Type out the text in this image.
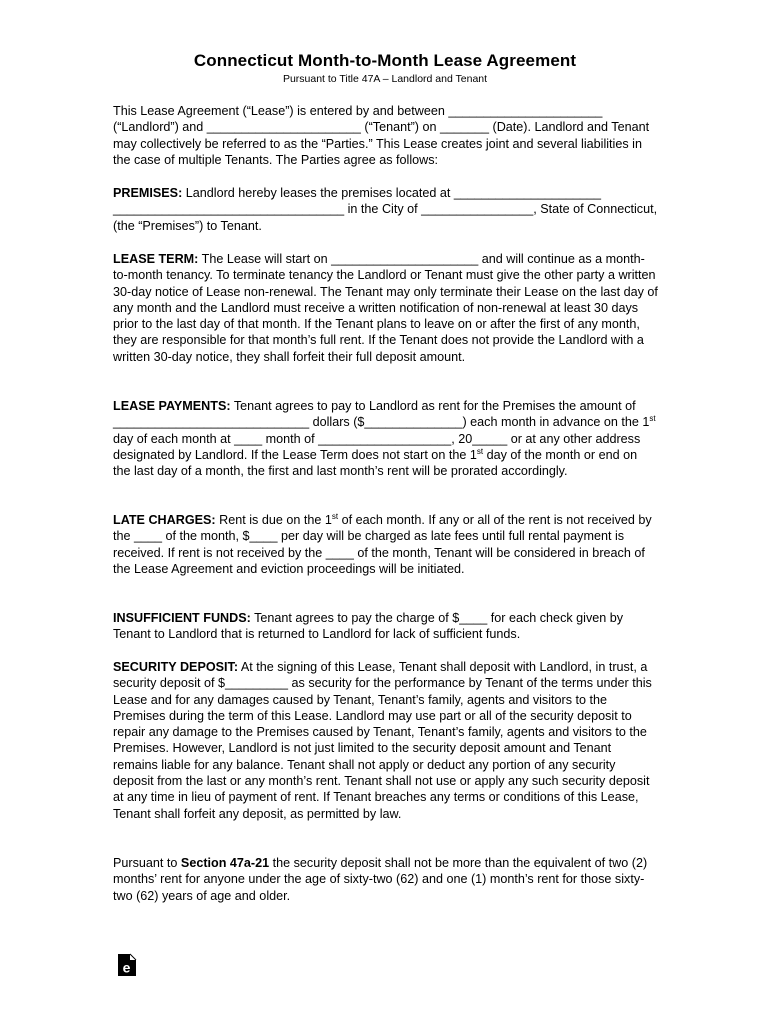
Connecticut Month-to-Month Lease Agreement
Pursuant to Title 47A – Landlord and Tenant

This Lease Agreement (“Lease”) is entered by and between ______________________ (“Landlord”) and ______________________ (“Tenant”) on _______ (Date). Landlord and Tenant may collectively be referred to as the “Parties.” This Lease creates joint and several liabilities in the case of multiple Tenants. The Parties agree as follows:

PREMISES: Landlord hereby leases the premises located at _____________________ _________________________________ in the City of ________________, State of Connecticut, (the “Premises”) to Tenant.

LEASE TERM: The Lease will start on _____________________ and will continue as a month-to-month tenancy. To terminate tenancy the Landlord or Tenant must give the other party a written 30-day notice of Lease non-renewal. The Tenant may only terminate their Lease on the last day of any month and the Landlord must receive a written notification of non-renewal at least 30 days prior to the last day of that month. If the Tenant plans to leave on or after the first of any month, they are responsible for that month’s full rent. If the Tenant does not provide the Landlord with a written 30-day notice, they shall forfeit their full deposit amount.

LEASE PAYMENTS: Tenant agrees to pay to Landlord as rent for the Premises the amount of ____________________________ dollars ($______________) each month in advance on the 1st day of each month at ____ month of ___________________, 20_____ or at any other address designated by Landlord. If the Lease Term does not start on the 1st day of the month or end on the last day of a month, the first and last month’s rent will be prorated accordingly.

LATE CHARGES: Rent is due on the 1st of each month. If any or all of the rent is not received by the ____ of the month, $____ per day will be charged as late fees until full rental payment is received. If rent is not received by the ____ of the month, Tenant will be considered in breach of the Lease Agreement and eviction proceedings will be initiated.

INSUFFICIENT FUNDS: Tenant agrees to pay the charge of $____ for each check given by Tenant to Landlord that is returned to Landlord for lack of sufficient funds.

SECURITY DEPOSIT: At the signing of this Lease, Tenant shall deposit with Landlord, in trust, a security deposit of $_________ as security for the performance by Tenant of the terms under this Lease and for any damages caused by Tenant, Tenant’s family, agents and visitors to the Premises during the term of this Lease. Landlord may use part or all of the security deposit to repair any damage to the Premises caused by Tenant, Tenant’s family, agents and visitors to the Premises. However, Landlord is not just limited to the security deposit amount and Tenant remains liable for any balance. Tenant shall not apply or deduct any portion of any security deposit from the last or any month’s rent. Tenant shall not use or apply any such security deposit at any time in lieu of payment of rent. If Tenant breaches any terms or conditions of this Lease, Tenant shall forfeit any deposit, as permitted by law.

Pursuant to Section 47a-21 the security deposit shall not be more than the equivalent of two (2) months’ rent for anyone under the age of sixty-two (62) and one (1) month’s rent for those sixty-two (62) years of age and older.

e
